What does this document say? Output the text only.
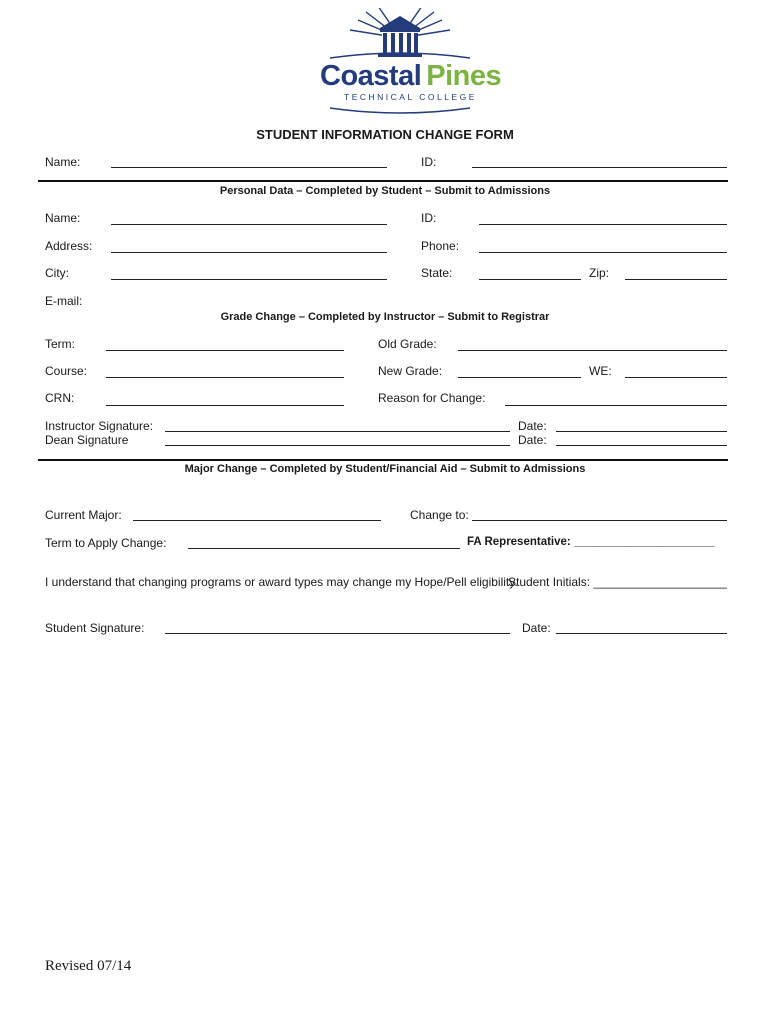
Coastal Pines
TECHNICAL COLLEGE
STUDENT INFORMATION CHANGE FORM
Name:	ID:
Personal Data – Completed by Student – Submit to Admissions
Name:	ID:
Address:	Phone:
City:	State:	Zip:
E-mail:
Grade Change – Completed by Instructor – Submit to Registrar
Term:	Old Grade:
Course:	New Grade:	WE:
CRN:	Reason for Change:
Instructor Signature:	Date:
Dean Signature	Date:
Major Change – Completed by Student/Financial Aid – Submit to Admissions
Current Major:	Change to:
Term to Apply Change:	FA Representative: ______________________
I understand that changing programs or award types may change my Hope/Pell eligibility.
Student Initials: ____________________
Student Signature:	Date:
Revised 07/14
